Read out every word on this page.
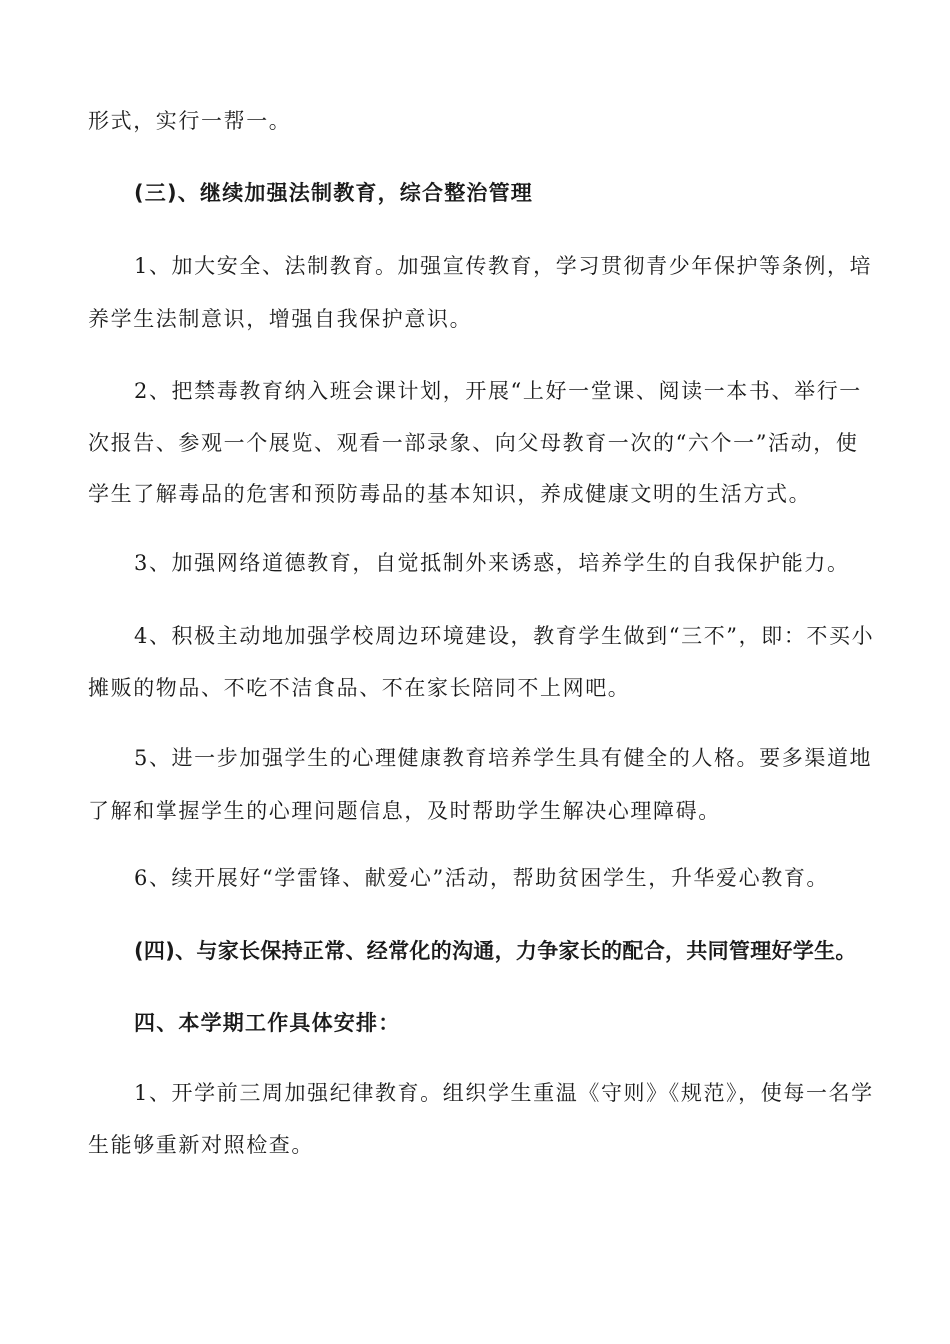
形式，实行一帮一。
(三)、继续加强法制教育，综合整治管理
1、加大安全、法制教育。加强宣传教育，学习贯彻青少年保护等条例，培
养学生法制意识，增强自我保护意识。
2、把禁毒教育纳入班会课计划，开展“上好一堂课、阅读一本书、举行一
次报告、参观一个展览、观看一部录象、向父母教育一次的“六个一”活动，使
学生了解毒品的危害和预防毒品的基本知识，养成健康文明的生活方式。
3、加强网络道德教育，自觉抵制外来诱惑，培养学生的自我保护能力。
4、积极主动地加强学校周边环境建设，教育学生做到“三不”，即：不买小
摊贩的物品、不吃不洁食品、不在家长陪同不上网吧。
5、进一步加强学生的心理健康教育培养学生具有健全的人格。要多渠道地
了解和掌握学生的心理问题信息，及时帮助学生解决心理障碍。
6、续开展好“学雷锋、献爱心”活动，帮助贫困学生，升华爱心教育。
(四)、与家长保持正常、经常化的沟通，力争家长的配合，共同管理好学生。
四、本学期工作具体安排：
1、开学前三周加强纪律教育。组织学生重温《守则》《规范》，使每一名学
生能够重新对照检查。
